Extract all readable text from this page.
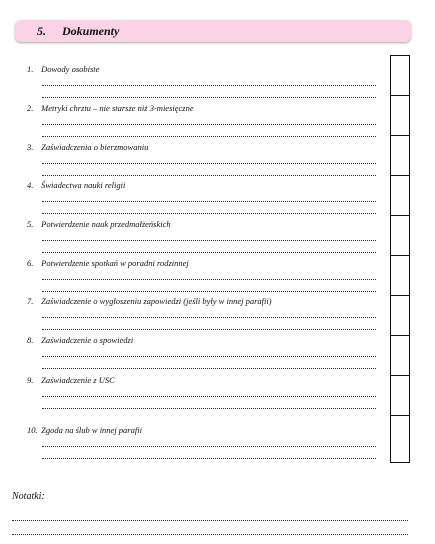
5. Dokumenty
1. Dowody osobiste
2. Metryki chrztu – nie starsze niż 3-miesięczne
3. Zaświadczenia o bierzmowaniu
4. Świadectwa nauki religii
5. Potwierdzenie nauk przedmałżeńskich
6. Potwierdzenie spotkań w poradni rodzinnej
7. Zaświadczenie o wygłoszeniu zapowiedzi (jeśli były w innej parafii)
8. Zaświadczenie o spowiedzi
9. Zaświadczenie z USC
10. Zgoda na ślub w innej parafii
Notatki:
